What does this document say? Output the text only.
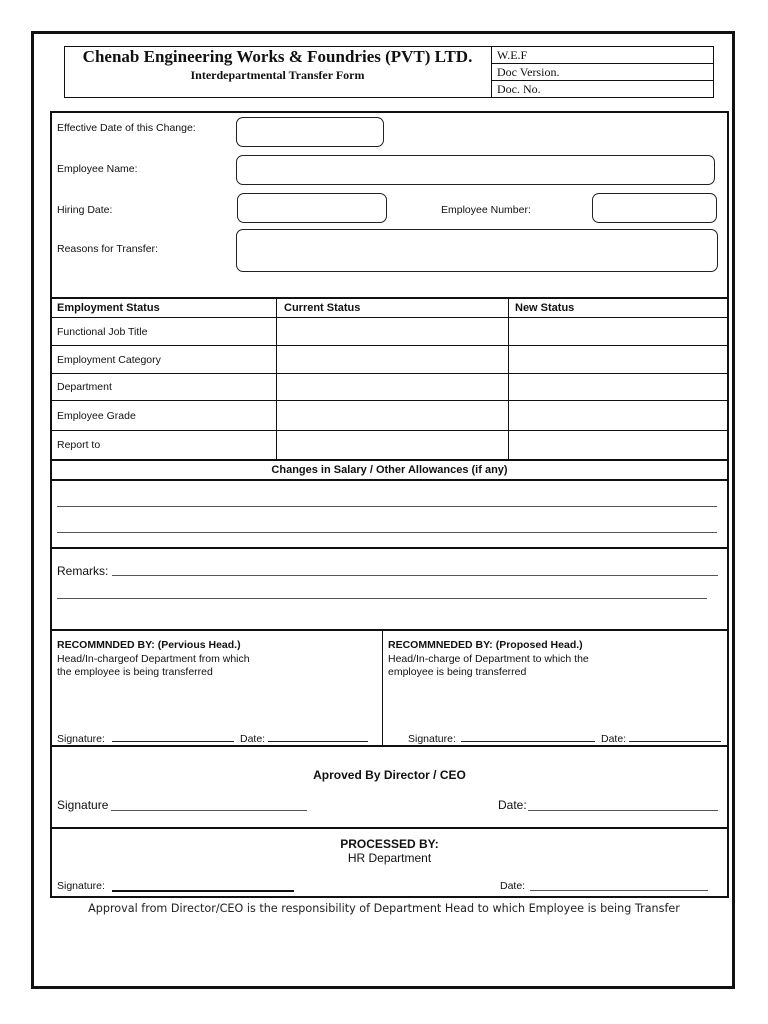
Chenab Engineering Works & Foundries (PVT) LTD.
Interdepartmental Transfer Form
W.E.F
Doc Version.
Doc. No.
Effective Date of this Change:
Employee Name:
Hiring Date:	Employee Number:
Reasons for Transfer:
Employment Status	Current Status	New Status
Functional Job Title
Employment Category
Department
Employee Grade
Report to
Changes in Salary / Other Allowances (if any)
Remarks:
RECOMMNDED BY: (Pervious Head.)
Head/In-chargeof Department from which
the employee is being transferred
Signature:	Date:
RECOMMNEDED BY: (Proposed Head.)
Head/In-charge of Department to which the
employee is being transferred
Signature:	Date:
Aproved By Director / CEO
Signature	Date:
PROCESSED BY:
HR Department
Signature:	Date:
Approval from Director/CEO is the responsibility of Department Head to which Employee is being Transfer
